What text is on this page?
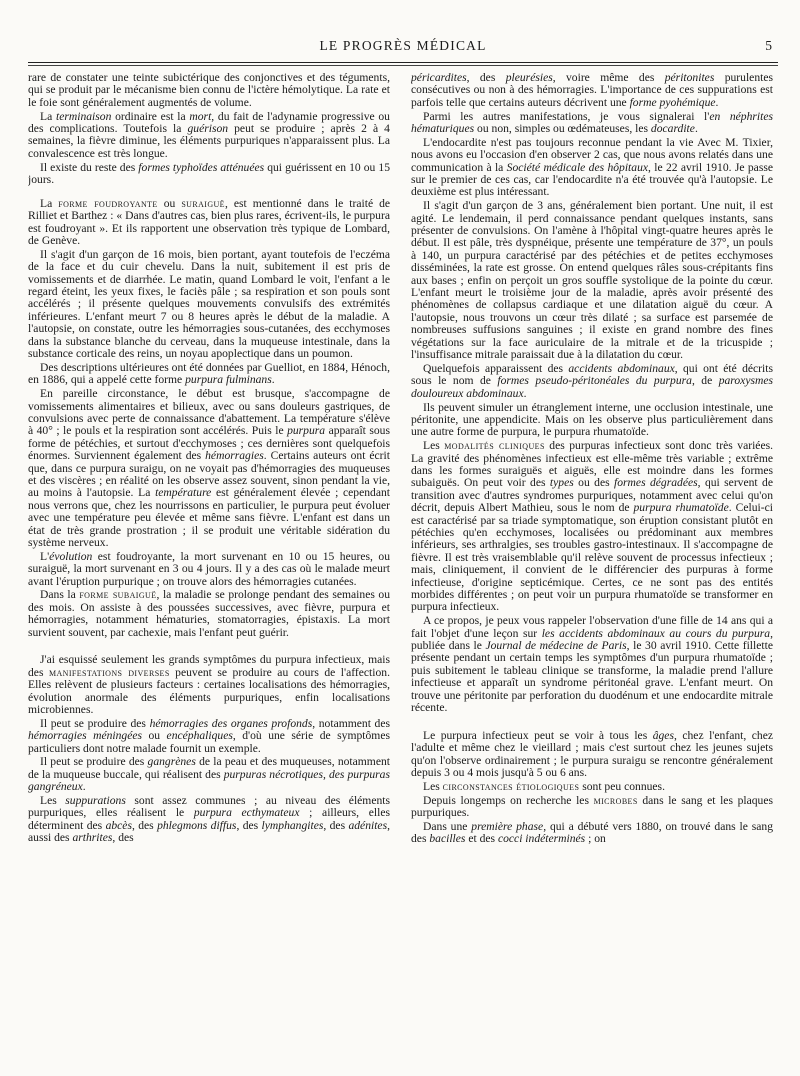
LE PROGRÈS MÉDICAL	5

rare de constater une teinte subictérique des conjonctives et des téguments, qui se produit par le mécanisme bien connu de l'ictère hémolytique. La rate et le foie sont généralement augmentés de volume.

La terminaison ordinaire est la mort, du fait de l'adynamie progressive ou des complications. Toutefois la guérison peut se produire ; après 2 à 4 semaines, la fièvre diminue, les éléments purpuriques n'apparaissent plus. La convalescence est très longue.

Il existe du reste des formes typhoïdes atténuées qui guérissent en 10 ou 15 jours.

La forme foudroyante ou suraiguë, est mentionné dans le traité de Rilliet et Barthez : « Dans d'autres cas, bien plus rares, écrivent-ils, le purpura est foudroyant ». Et ils rapportent une observation très typique de Lombard, de Genève.

Il s'agit d'un garçon de 16 mois, bien portant, ayant toutefois de l'eczéma de la face et du cuir chevelu. Dans la nuit, subitement il est pris de vomissements et de diarrhée. Le matin, quand Lombard le voit, l'enfant a le regard éteint, les yeux fixes, le faciès pâle ; sa respiration et son pouls sont accélérés ; il présente quelques mouvements convulsifs des extrémités inférieures. L'enfant meurt 7 ou 8 heures après le début de la maladie. A l'autopsie, on constate, outre les hémorragies sous-cutanées, des ecchymoses dans la substance blanche du cerveau, dans la muqueuse intestinale, dans la substance corticale des reins, un noyau apoplectique dans un poumon.

Des descriptions ultérieures ont été données par Guelliot, en 1884, Hénoch, en 1886, qui a appelé cette forme purpura fulminans.

En pareille circonstance, le début est brusque, s'accompagne de vomissements alimentaires et bilieux, avec ou sans douleurs gastriques, de convulsions avec perte de connaissance d'abattement. La température s'élève à 40° ; le pouls et la respiration sont accélérés. Puis le purpura apparaît sous forme de pétéchies, et surtout d'ecchymoses ; ces dernières sont quelquefois énormes. Surviennent également des hémorragies. Certains auteurs ont écrit que, dans ce purpura suraigu, on ne voyait pas d'hémorragies des muqueuses et des viscères ; en réalité on les observe assez souvent, sinon pendant la vie, au moins à l'autopsie. La température est généralement élevée ; cependant nous verrons que, chez les nourrissons en particulier, le purpura peut évoluer avec une température peu élevée et même sans fièvre. L'enfant est dans un état de très grande prostration ; il se produit une véritable sidération du système nerveux.

L'évolution est foudroyante, la mort survenant en 10 ou 15 heures, ou suraiguë, la mort survenant en 3 ou 4 jours. Il y a des cas où le malade meurt avant l'éruption purpurique ; on trouve alors des hémorragies cutanées.

Dans la forme subaiguë, la maladie se prolonge pendant des semaines ou des mois. On assiste à des poussées successives, avec fièvre, purpura et hémorragies, notamment hématuries, stomatorragies, épistaxis. La mort survient souvent, par cachexie, mais l'enfant peut guérir.

J'ai esquissé seulement les grands symptômes du purpura infectieux, mais des manifestations diverses peuvent se produire au cours de l'affection. Elles relèvent de plusieurs facteurs : certaines localisations des hémorragies, évolution anormale des éléments purpuriques, enfin localisations microbiennes.

Il peut se produire des hémorragies des organes profonds, notamment des hémorragies méningées ou encéphaliques, d'où une série de symptômes particuliers dont notre malade fournit un exemple.

Il peut se produire des gangrènes de la peau et des muqueuses, notamment de la muqueuse buccale, qui réalisent des purpuras nécrotiques, des purpuras gangréneux.

Les suppurations sont assez communes ; au niveau des éléments purpuriques, elles réalisent le purpura ecthymateux ; ailleurs, elles déterminent des abcès, des phlegmons diffus, des lymphangites, des adénites, aussi des arthrites, des

péricardites, des pleurésies, voire même des péritonites purulentes consécutives ou non à des hémorragies. L'importance de ces suppurations est parfois telle que certains auteurs décrivent une forme pyohémique.

Parmi les autres manifestations, je vous signalerai l'en néphrites hématuriques ou non, simples ou œdémateuses, les docardite.

L'endocardite n'est pas toujours reconnue pendant la vie Avec M. Tixier, nous avons eu l'occasion d'en observer 2 cas, que nous avons relatés dans une communication à la Société médicale des hôpitaux, le 22 avril 1910. Je passe sur le premier de ces cas, car l'endocardite n'a été trouvée qu'à l'autopsie. Le deuxième est plus intéressant.

Il s'agit d'un garçon de 3 ans, généralement bien portant. Une nuit, il est agité. Le lendemain, il perd connaissance pendant quelques instants, sans présenter de convulsions. On l'amène à l'hôpital vingt-quatre heures après le début. Il est pâle, très dyspnéique, présente une température de 37°, un pouls à 140, un purpura caractérisé par des pétéchies et de petites ecchymoses disséminées, la rate est grosse. On entend quelques râles sous-crépitants fins aux bases ; enfin on perçoit un gros souffle systolique de la pointe du cœur. L'enfant meurt le troisième jour de la maladie, après avoir présenté des phénomènes de collapsus cardiaque et une dilatation aiguë du cœur. A l'autopsie, nous trouvons un cœur très dilaté ; sa surface est parsemée de nombreuses suffusions sanguines ; il existe en grand nombre des fines végétations sur la face auriculaire de la mitrale et de la tricuspide ; l'insuffisance mitrale paraissait due à la dilatation du cœur.

Quelquefois apparaissent des accidents abdominaux, qui ont été décrits sous le nom de formes pseudo-péritonéales du purpura, de paroxysmes douloureux abdominaux.

Ils peuvent simuler un étranglement interne, une occlusion intestinale, une péritonite, une appendicite. Mais on les observe plus particulièrement dans une autre forme de purpura, le purpura rhumatoïde.

Les modalités cliniques des purpuras infectieux sont donc très variées. La gravité des phénomènes infectieux est elle-même très variable ; extrême dans les formes suraiguës et aiguës, elle est moindre dans les formes subaiguës. On peut voir des types ou des formes dégradées, qui servent de transition avec d'autres syndromes purpuriques, notamment avec celui qu'on décrit, depuis Albert Mathieu, sous le nom de purpura rhumatoïde. Celui-ci est caractérisé par sa triade symptomatique, son éruption consistant plutôt en pétéchies qu'en ecchymoses, localisées ou prédominant aux membres inférieurs, ses arthralgies, ses troubles gastro-intestinaux. Il s'accompagne de fièvre. Il est très vraisemblable qu'il relève souvent de processus infectieux ; mais, cliniquement, il convient de le différencier des purpuras à forme infectieuse, d'origine septicémique. Certes, ce ne sont pas des entités morbides différentes ; on peut voir un purpura rhumatoïde se transformer en purpura infectieux.

A ce propos, je peux vous rappeler l'observation d'une fille de 14 ans qui a fait l'objet d'une leçon sur les accidents abdominaux au cours du purpura, publiée dans le Journal de médecine de Paris, le 30 avril 1910. Cette fillette présente pendant un certain temps les symptômes d'un purpura rhumatoïde ; puis subitement le tableau clinique se transforme, la maladie prend l'allure infectieuse et apparaît un syndrome péritonéal grave. L'enfant meurt. On trouve une péritonite par perforation du duodénum et une endocardite mitrale récente.

Le purpura infectieux peut se voir à tous les âges, chez l'enfant, chez l'adulte et même chez le vieillard ; mais c'est surtout chez les jeunes sujets qu'on l'observe ordinairement ; le purpura suraigu se rencontre généralement depuis 3 ou 4 mois jusqu'à 5 ou 6 ans.

Les circonstances étiologiques sont peu connues.

Depuis longemps on recherche les microbes dans le sang et les plaques purpuriques.

Dans une première phase, qui a débuté vers 1880, on trouvé dans le sang des bacilles et des cocci indéterminés ; on
